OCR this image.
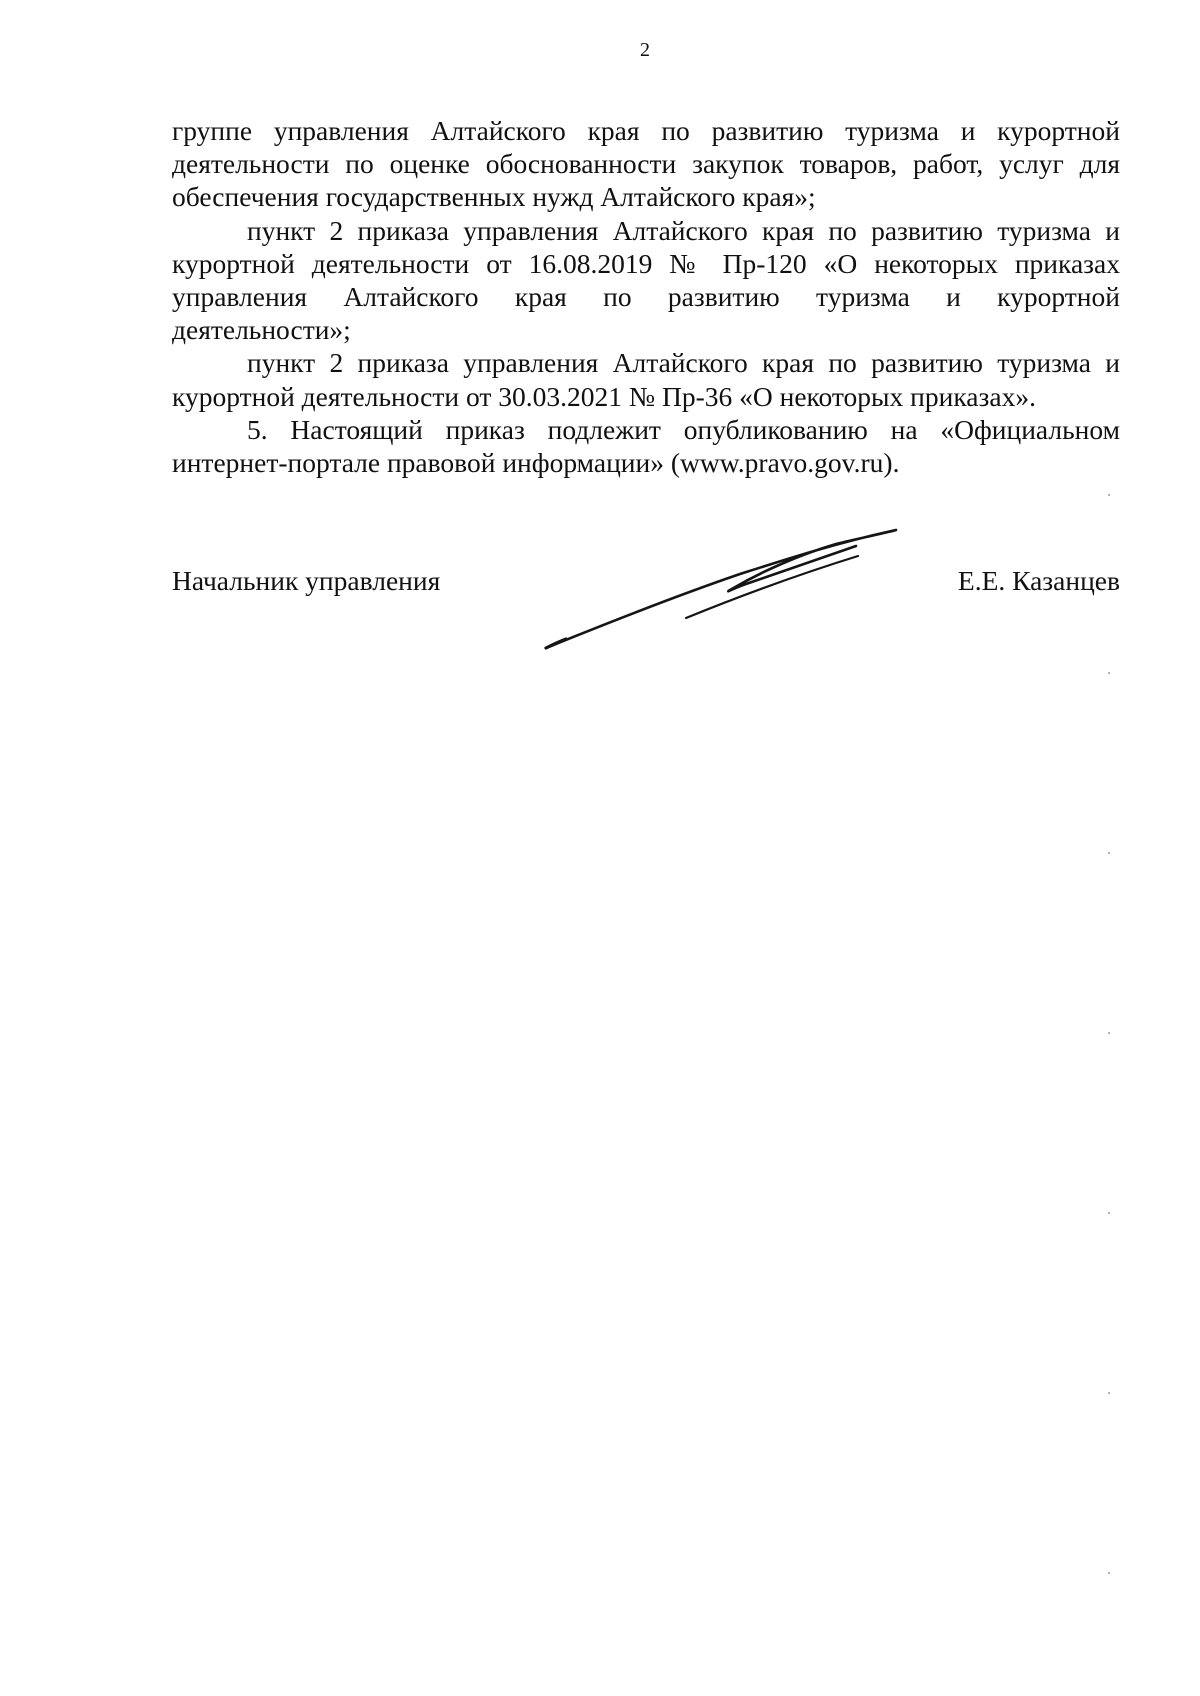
2
группе управления Алтайского края по развитию туризма и курортной
деятельности по оценке обоснованности закупок товаров, работ, услуг для
обеспечения государственных нужд Алтайского края»;
пункт 2 приказа управления Алтайского края по развитию туризма и
курортной деятельности от 16.08.2019 № Пр-120 «О некоторых приказах
управления Алтайского края по развитию туризма и курортной
деятельности»;
пункт 2 приказа управления Алтайского края по развитию туризма и
курортной деятельности от 30.03.2021 № Пр-36 «О некоторых приказах».
5. Настоящий приказ подлежит опубликованию на «Официальном
интернет-портале правовой информации» (www.pravo.gov.ru).
Начальник управления	Е.Е. Казанцев
